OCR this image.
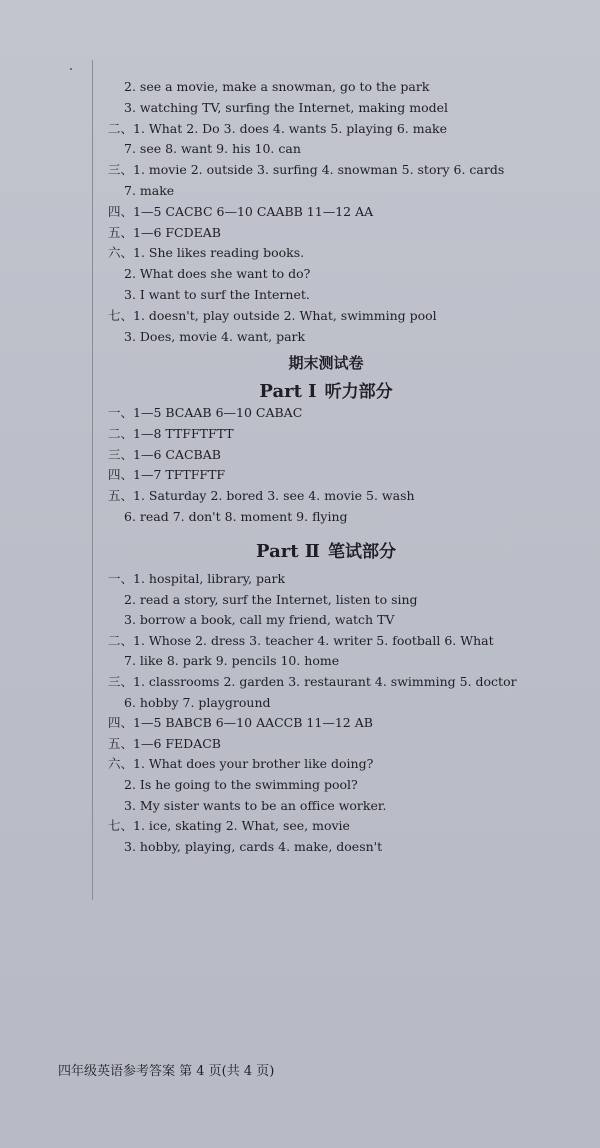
2. see a movie, make a snowman, go to the park
3. watching TV, surfing the Internet, making model
二、1. What 2. Do 3. does 4. wants 5. playing 6. make
7. see 8. want 9. his 10. can
三、1. movie 2. outside 3. surfing 4. snowman 5. story 6. cards
7. make
四、1—5 CACBC 6—10 CAABB 11—12 AA
五、1—6 FCDEAB
六、1. She likes reading books.
2. What does she want to do?
3. I want to surf the Internet.
七、1. doesn't, play outside 2. What, swimming pool
3. Does, movie 4. want, park
期末测试卷
Part Ⅰ 听力部分
一、1—5 BCAAB 6—10 CABAC
二、1—8 TTFFTFTT
三、1—6 CACBAB
四、1—7 TFTFFTF
五、1. Saturday 2. bored 3. see 4. movie 5. wash
6. read 7. don't 8. moment 9. flying
Part Ⅱ 笔试部分
一、1. hospital, library, park
2. read a story, surf the Internet, listen to sing
3. borrow a book, call my friend, watch TV
二、1. Whose 2. dress 3. teacher 4. writer 5. football 6. What
7. like 8. park 9. pencils 10. home
三、1. classrooms 2. garden 3. restaurant 4. swimming 5. doctor
6. hobby 7. playground
四、1—5 BABCB 6—10 AACCB 11—12 AB
五、1—6 FEDACB
六、1. What does your brother like doing?
2. Is he going to the swimming pool?
3. My sister wants to be an office worker.
七、1. ice, skating 2. What, see, movie
3. hobby, playing, cards 4. make, doesn't
四年级英语参考答案 第 4 页(共 4 页)
